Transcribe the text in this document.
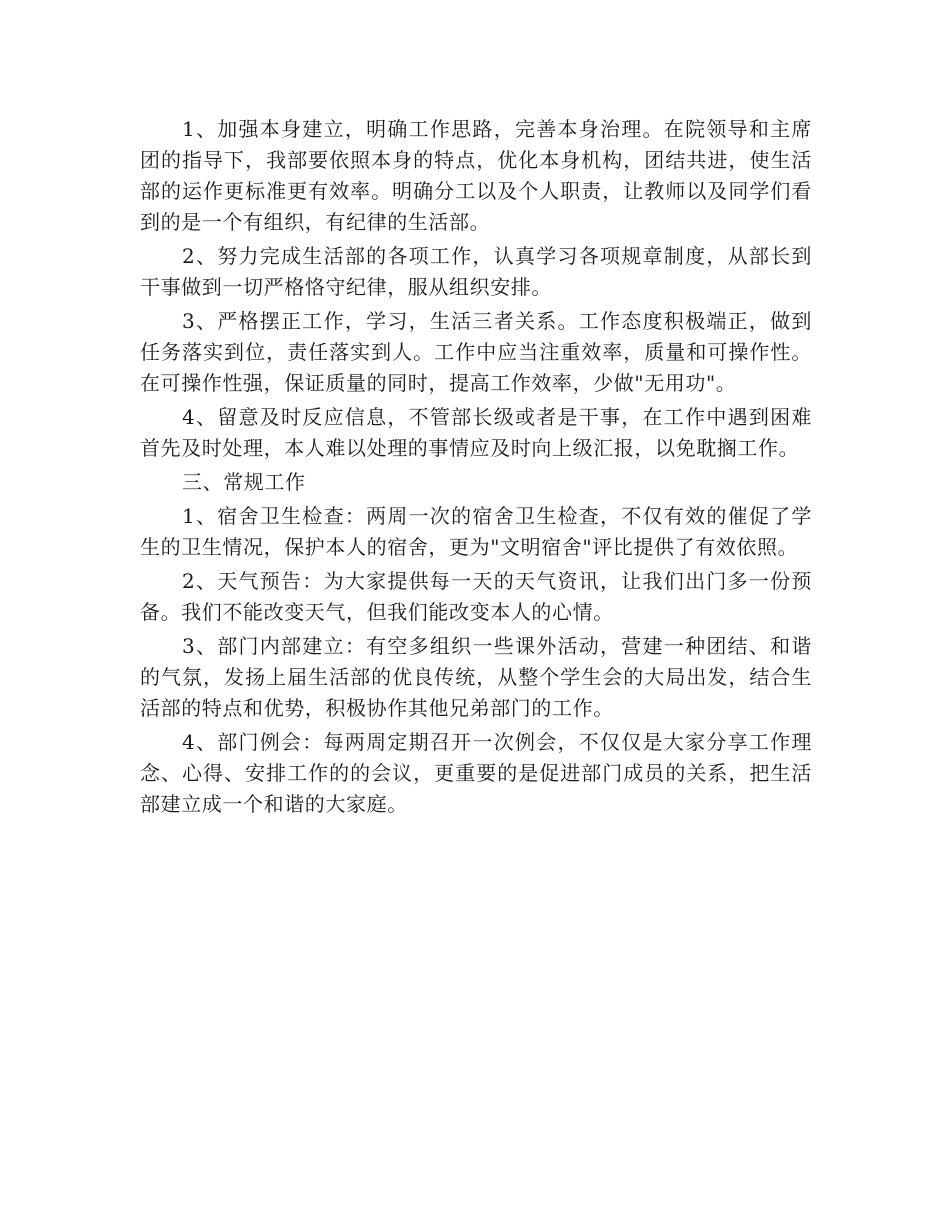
1、加强本身建立，明确工作思路，完善本身治理。在院领导和主席团的指导下，我部要依照本身的特点，优化本身机构，团结共进，使生活部的运作更标准更有效率。明确分工以及个人职责，让教师以及同学们看到的是一个有组织，有纪律的生活部。

2、努力完成生活部的各项工作，认真学习各项规章制度，从部长到干事做到一切严格恪守纪律，服从组织安排。

3、严格摆正工作，学习，生活三者关系。工作态度积极端正，做到任务落实到位，责任落实到人。工作中应当注重效率，质量和可操作性。在可操作性强，保证质量的同时，提高工作效率，少做"无用功"。

4、留意及时反应信息，不管部长级或者是干事，在工作中遇到困难首先及时处理，本人难以处理的事情应及时向上级汇报，以免耽搁工作。

三、常规工作

1、宿舍卫生检查：两周一次的宿舍卫生检查，不仅有效的催促了学生的卫生情况，保护本人的宿舍，更为"文明宿舍"评比提供了有效依照。

2、天气预告：为大家提供每一天的天气资讯，让我们出门多一份预备。我们不能改变天气，但我们能改变本人的心情。

3、部门内部建立：有空多组织一些课外活动，营建一种团结、和谐的气氛，发扬上届生活部的优良传统，从整个学生会的大局出发，结合生活部的特点和优势，积极协作其他兄弟部门的工作。

4、部门例会：每两周定期召开一次例会，不仅仅是大家分享工作理念、心得、安排工作的的会议，更重要的是促进部门成员的关系，把生活部建立成一个和谐的大家庭。
